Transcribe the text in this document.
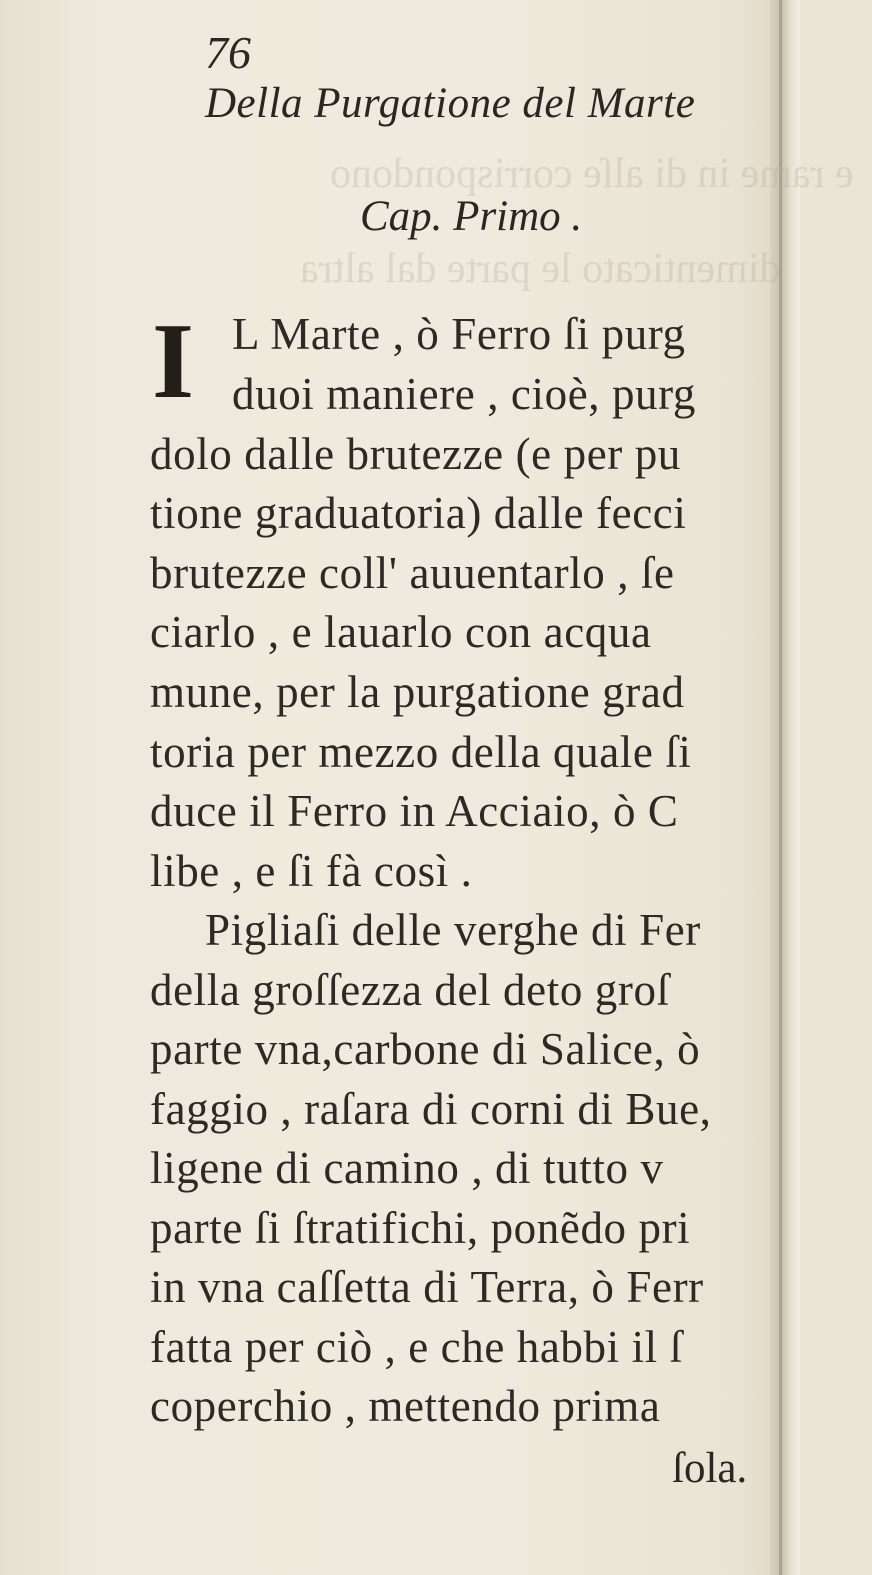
e rame in di alſe corrispondono
dimenticato le parte dal altra
76
Della Purgatione del Marte
Cap. Primo .
I L Marte , ò Ferro ſi purg
duoi maniere , cioè, purg
dolo dalle brutezze (e per pu
tione graduatoria) dalle fecci
brutezze coll' auuentarlo , ſe
ciarlo , e lauarlo con acqua
mune, per la purgatione grad
toria per mezzo della quale ſi
duce il Ferro in Acciaio, ò C
libe , e ſi fà così .
Pigliaſi delle verghe di Fer
della groſſezza del deto groſ
parte vna,carbone di Salice, ò
faggio , raſara di corni di Bue,
ligene di camino , di tutto v
parte ſi ſtratifichi, ponẽdo pri
in vna caſſetta di Terra, ò Ferr
fatta per ciò , e che habbi il ſ
coperchio , mettendo prima
ſola.
